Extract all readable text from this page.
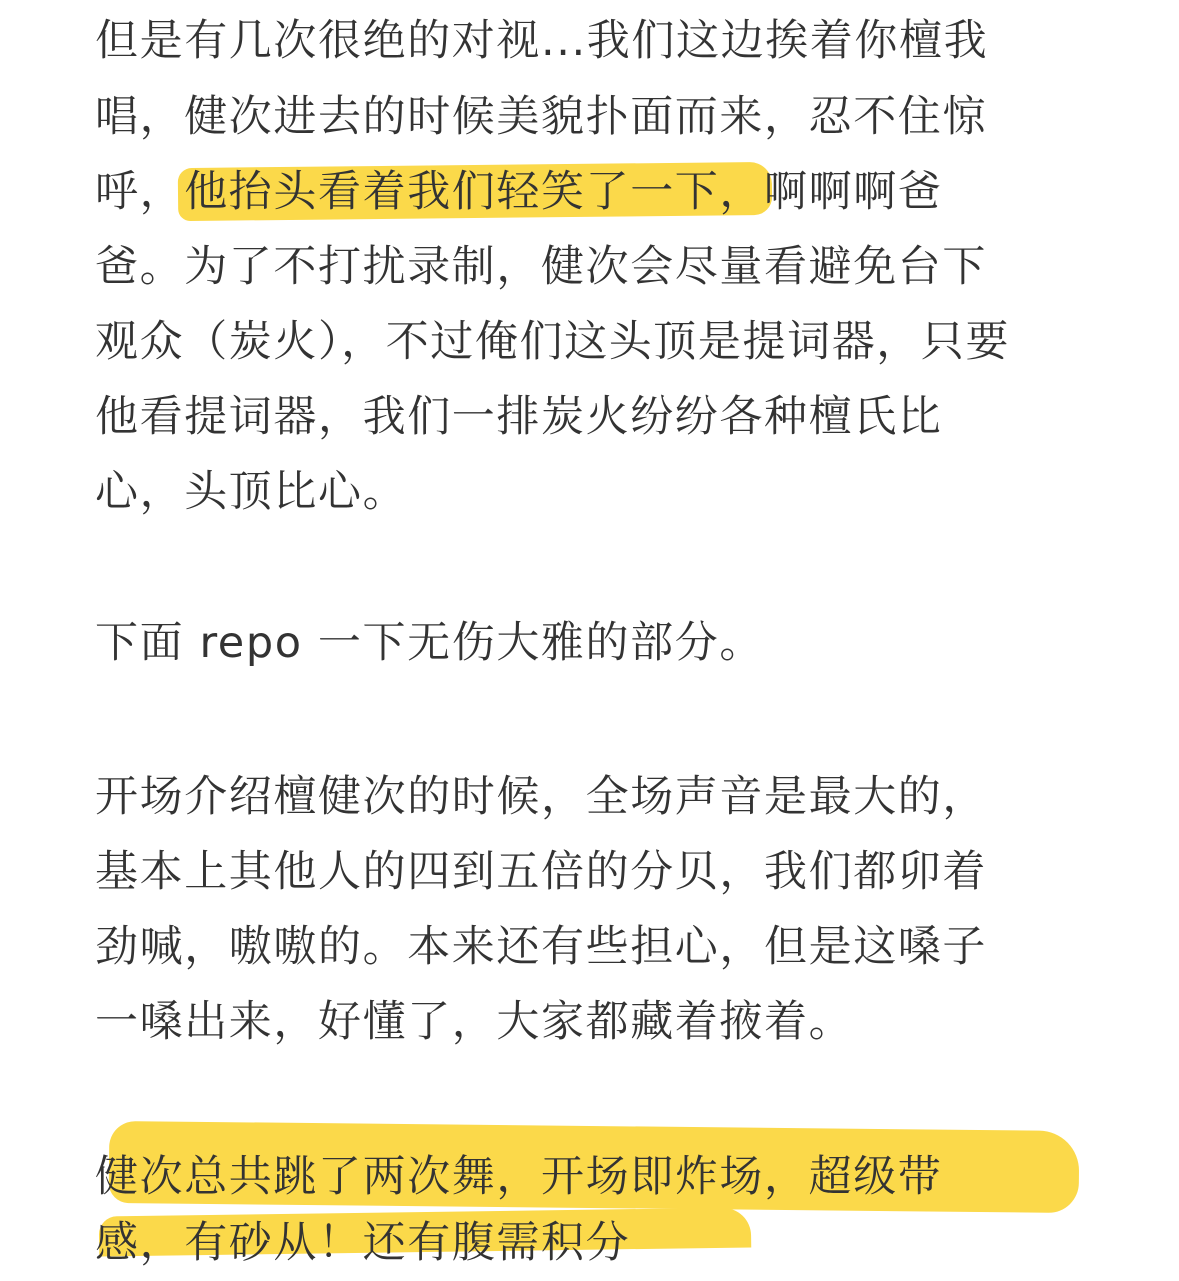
但是有几次很绝的对视...我们这边挨着你檀我
唱，健次进去的时候美貌扑面而来，忍不住惊
呼，他抬头看着我们轻笑了一下，啊啊啊爸
爸。为了不打扰录制，健次会尽量看避免台下
观众（炭火），不过俺们这头顶是提词器，只要
他看提词器，我们一排炭火纷纷各种檀氏比
心，头顶比心。
下面 repo 一下无伤大雅的部分。
开场介绍檀健次的时候，全场声音是最大的，
基本上其他人的四到五倍的分贝，我们都卯着
劲喊，嗷嗷的。本来还有些担心，但是这嗓子
一嗓出来，好懂了，大家都藏着掖着。
健次总共跳了两次舞，开场即炸场，超级带
感，有砂从！还有腹需积分
